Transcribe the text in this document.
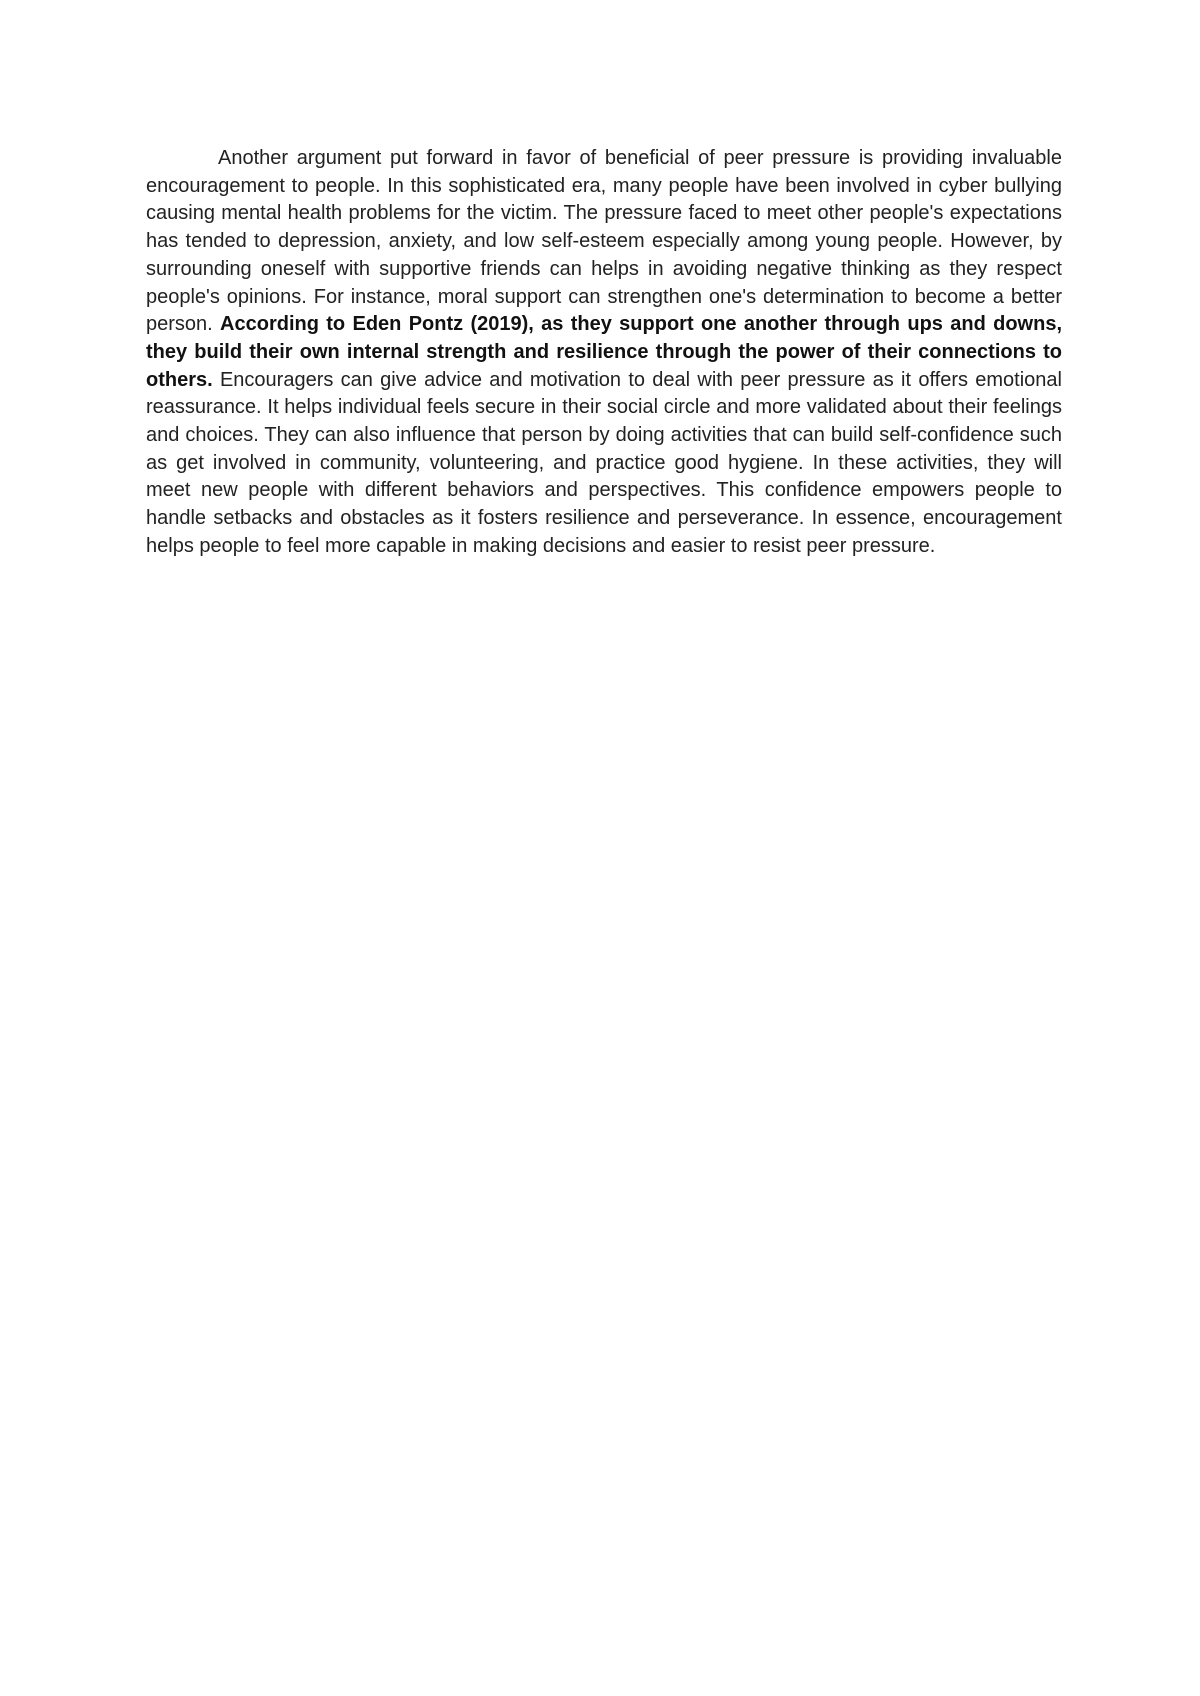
Another argument put forward in favor of beneficial of peer pressure is providing invaluable encouragement to people. In this sophisticated era, many people have been involved in cyber bullying causing mental health problems for the victim. The pressure faced to meet other people's expectations has tended to depression, anxiety, and low self-esteem especially among young people. However, by surrounding oneself with supportive friends can helps in avoiding negative thinking as they respect people's opinions. For instance, moral support can strengthen one's determination to become a better person. According to Eden Pontz (2019), as they support one another through ups and downs, they build their own internal strength and resilience through the power of their connections to others. Encouragers can give advice and motivation to deal with peer pressure as it offers emotional reassurance. It helps individual feels secure in their social circle and more validated about their feelings and choices. They can also influence that person by doing activities that can build self-confidence such as get involved in community, volunteering, and practice good hygiene. In these activities, they will meet new people with different behaviors and perspectives. This confidence empowers people to handle setbacks and obstacles as it fosters resilience and perseverance. In essence, encouragement helps people to feel more capable in making decisions and easier to resist peer pressure.
